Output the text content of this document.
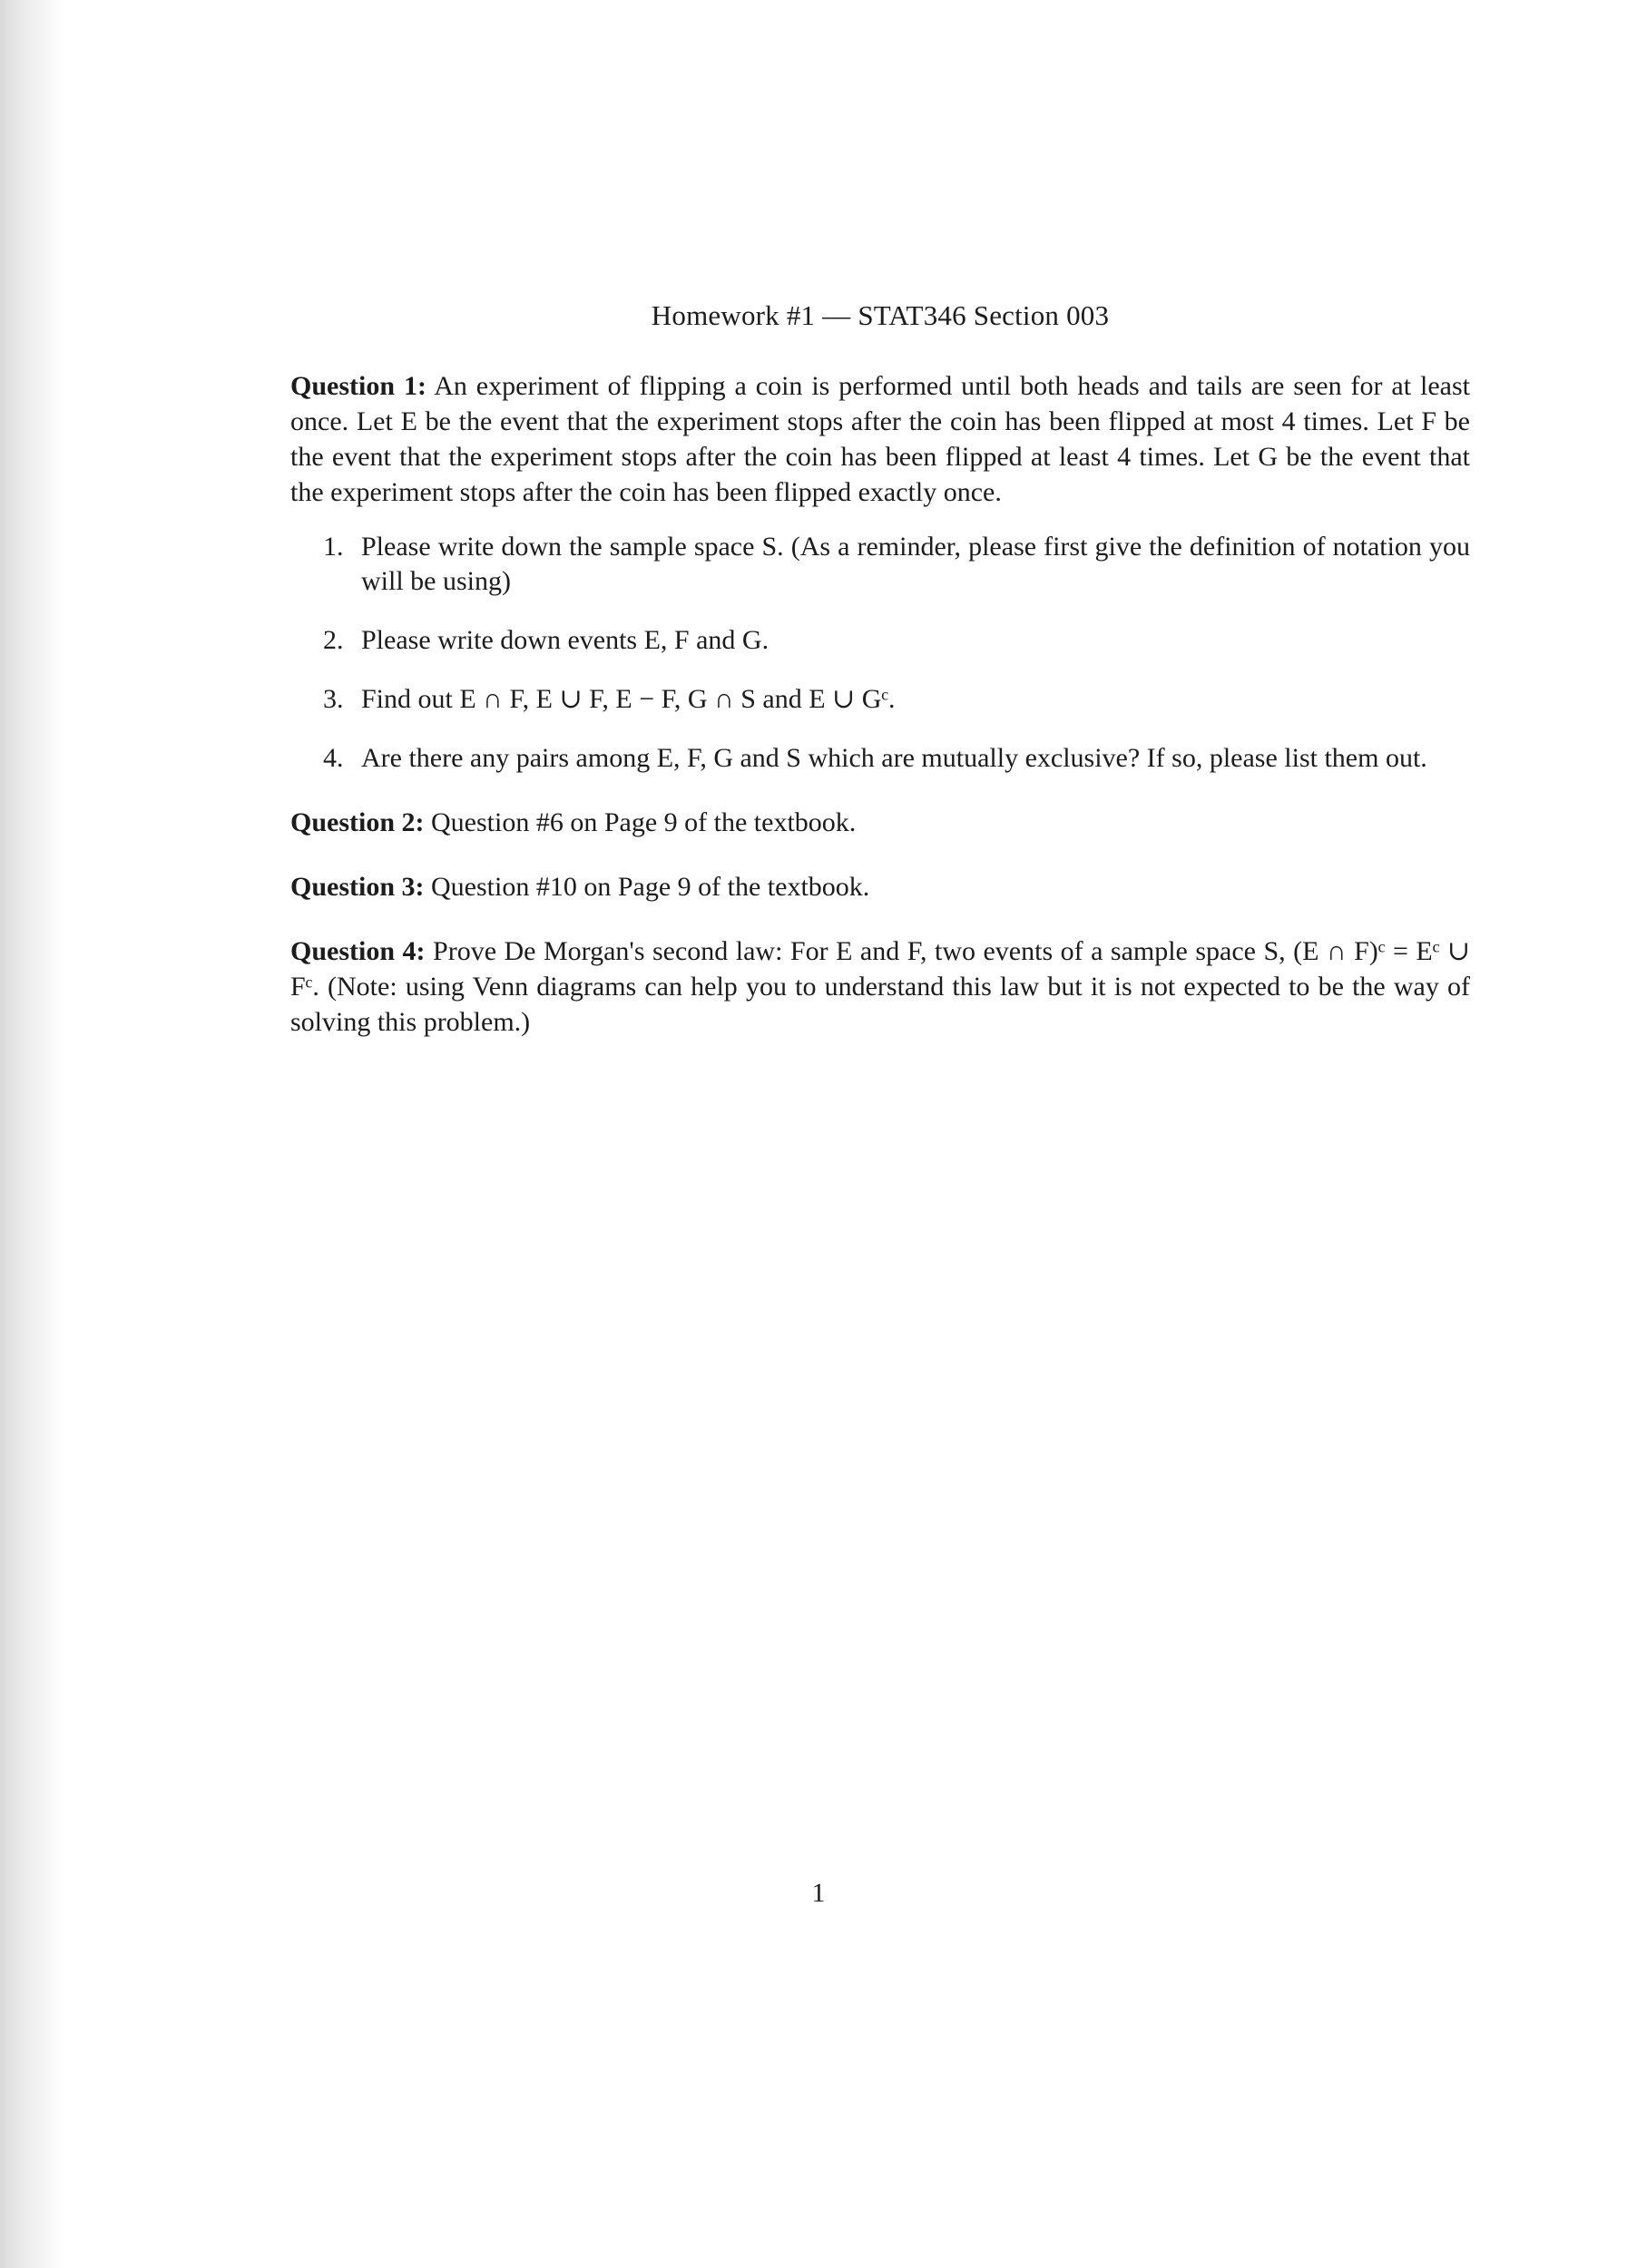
Homework #1 — STAT346 Section 003

Question 1: An experiment of flipping a coin is performed until both heads and tails are seen for at least once. Let E be the event that the experiment stops after the coin has been flipped at most 4 times. Let F be the event that the experiment stops after the coin has been flipped at least 4 times. Let G be the event that the experiment stops after the coin has been flipped exactly once.

1. Please write down the sample space S. (As a reminder, please first give the definition of notation you will be using)
2. Please write down events E, F and G.
3. Find out E ∩ F, E ∪ F, E − F, G ∩ S and E ∪ Gᶜ.
4. Are there any pairs among E, F, G and S which are mutually exclusive? If so, please list them out.

Question 2: Question #6 on Page 9 of the textbook.

Question 3: Question #10 on Page 9 of the textbook.

Question 4: Prove De Morgan's second law: For E and F, two events of a sample space S, (E ∩ F)ᶜ = Eᶜ ∪ Fᶜ. (Note: using Venn diagrams can help you to understand this law but it is not expected to be the way of solving this problem.)

1
